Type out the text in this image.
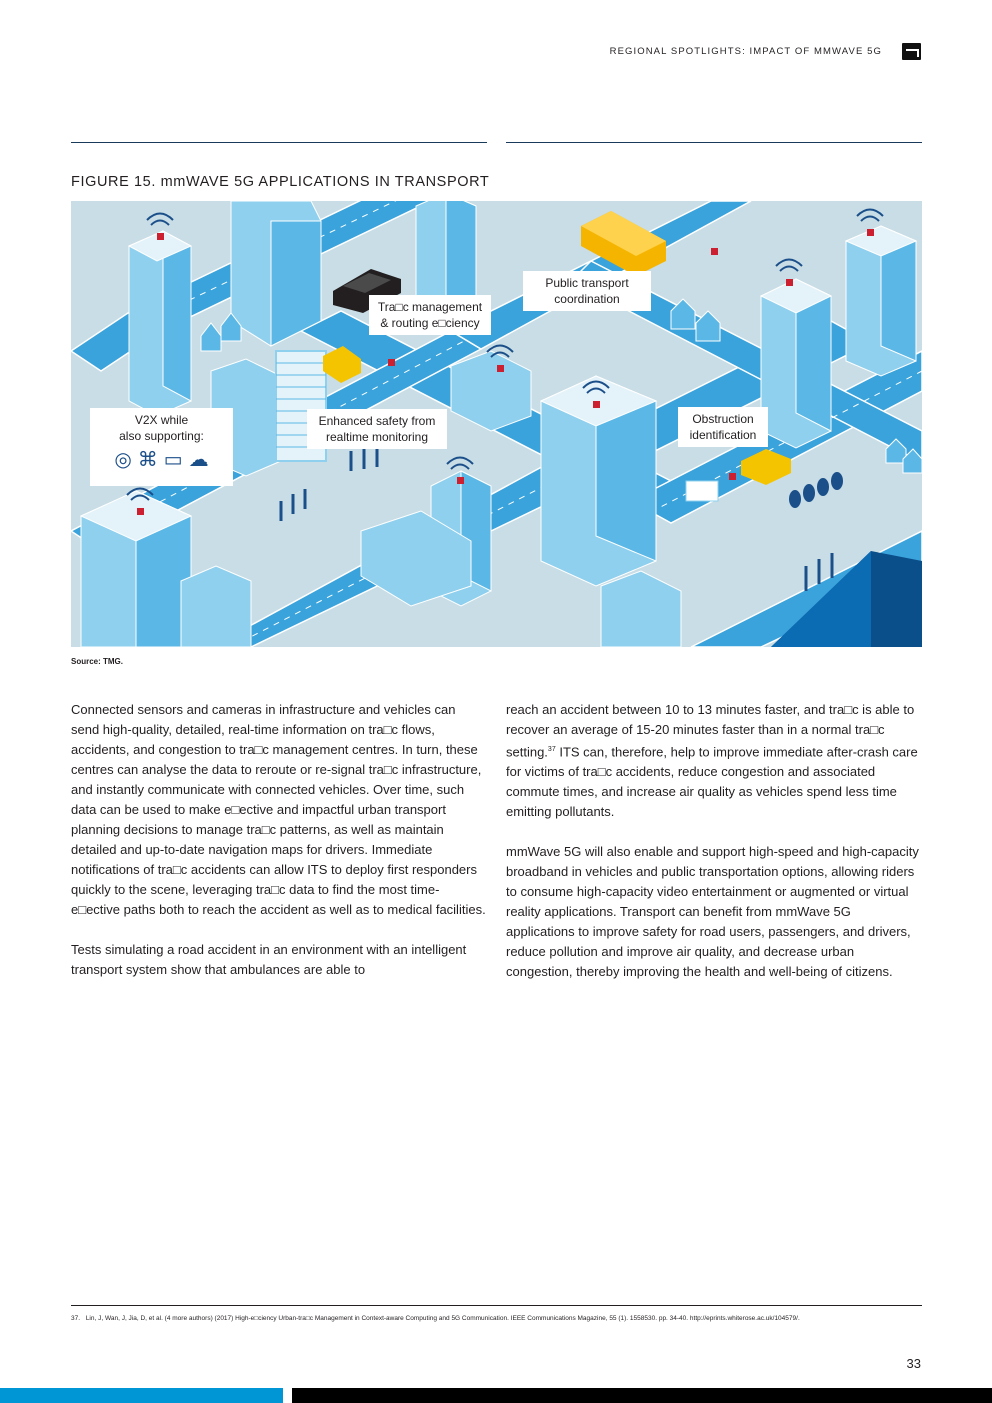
REGIONAL SPOTLIGHTS: IMPACT OF MMWAVE 5G
FIGURE 15. mmWAVE 5G APPLICATIONS IN TRANSPORT
Tra□c management
& routing e□ciency
Public transport
coordination
V2X while
also supporting:
◎ ⌘ ▭ ☁
Enhanced safety from
realtime monitoring
Obstruction
identification
Source: TMG.

Connected sensors and cameras in infrastructure and vehicles can send high-quality, detailed, real-time information on tra□c flows, accidents, and congestion to tra□c management centres. In turn, these centres can analyse the data to reroute or re-signal tra□c infrastructure, and instantly communicate with connected vehicles. Over time, such data can be used to make e□ective and impactful urban transport planning decisions to manage tra□c patterns, as well as maintain detailed and up-to-date navigation maps for drivers. Immediate notifications of tra□c accidents can allow ITS to deploy first responders quickly to the scene, leveraging tra□c data to find the most time-e□ective paths both to reach the accident as well as to medical facilities.

Tests simulating a road accident in an environment with an intelligent transport system show that ambulances are able to

reach an accident between 10 to 13 minutes faster, and tra□c is able to recover an average of 15-20 minutes faster than in a normal tra□c setting.$^{37}$ ITS can, therefore, help to improve immediate after-crash care for victims of tra□c accidents, reduce congestion and associated commute times, and increase air quality as vehicles spend less time emitting pollutants.

mmWave 5G will also enable and support high-speed and high-capacity broadband in vehicles and public transportation options, allowing riders to consume high-capacity video entertainment or augmented or virtual reality applications. Transport can benefit from mmWave 5G applications to improve safety for road users, passengers, and drivers, reduce pollution and improve air quality, and decrease urban congestion, thereby improving the health and well-being of citizens.

37. Lin, J, Wan, J, Jia, D, et al. (4 more authors) (2017) High-e□ciency Urban-tra□c Management in Context-aware Computing and 5G Communication. IEEE Communications Magazine, 55 (1). 1558530. pp. 34-40. http://eprints.whiterose.ac.uk/104579/.
33
